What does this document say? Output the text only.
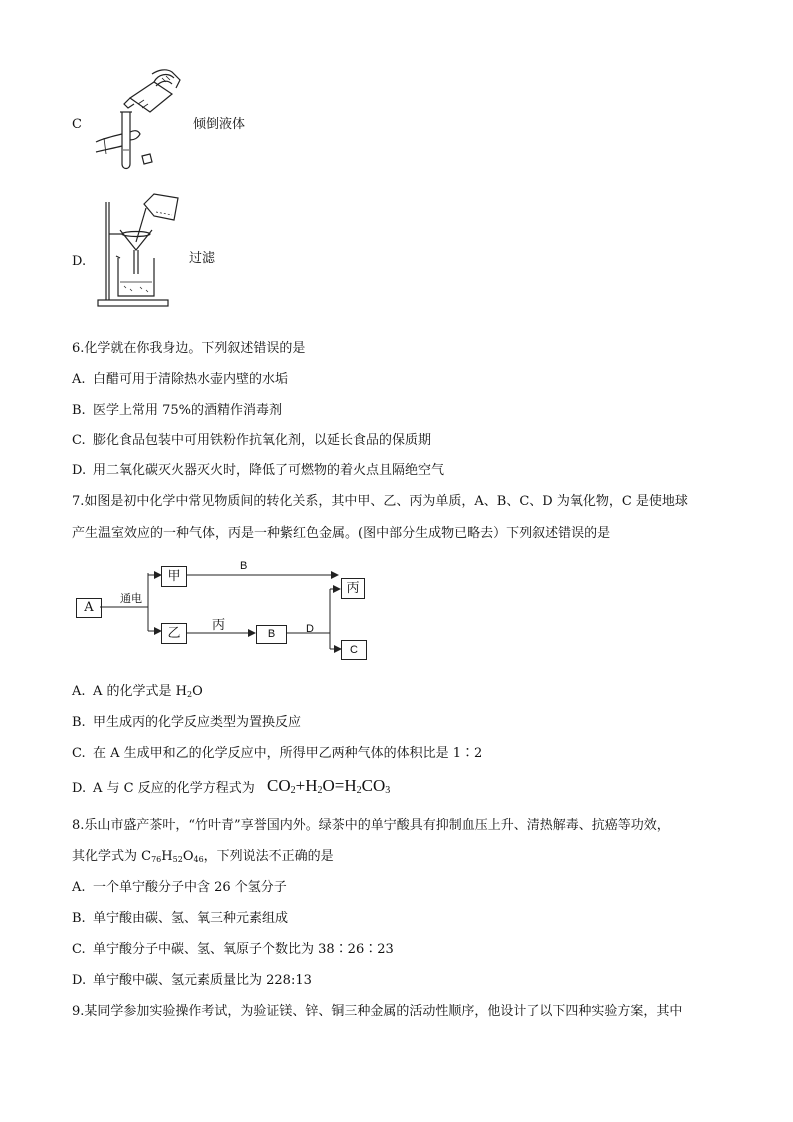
C	倾倒液体
D.	过滤
6.化学就在你我身边。下列叙述错误的是
A. 白醋可用于清除热水壶内壁的水垢
B. 医学上常用 75%的酒精作消毒剂
C. 膨化食品包装中可用铁粉作抗氧化剂，以延长食品的保质期
D. 用二氧化碳灭火器灭火时，降低了可燃物的着火点且隔绝空气
7.如图是初中化学中常见物质间的转化关系，其中甲、乙、丙为单质，A、B、C、D 为氧化物，C 是使地球
产生温室效应的一种气体，丙是一种紫红色金属。(图中部分生成物已略去）下列叙述错误的是
A
甲
乙
丙
B
C
通电
B
丙	D
A. A 的化学式是 $H_2O$
B. 甲生成丙的化学反应类型为置换反应
C. 在 A 生成甲和乙的化学反应中，所得甲乙两种气体的体积比是 1∶2
D. A 与 C 反应的化学方程式为 $CO_2+H_2O=H_2CO_3$
8.乐山市盛产茶叶，“竹叶青”享誉国内外。绿茶中的单宁酸具有抑制血压上升、清热解毒、抗癌等功效，
其化学式为 $C_{76}H_{52}O_{46}$，下列说法不正确的是
A. 一个单宁酸分子中含 26 个氢分子
B. 单宁酸由碳、氢、氧三种元素组成
C. 单宁酸分子中碳、氢、氧原子个数比为 38∶26∶23
D. 单宁酸中碳、氢元素质量比为 228:13
9.某同学参加实验操作考试，为验证镁、锌、铜三种金属的活动性顺序，他设计了以下四种实验方案，其中
